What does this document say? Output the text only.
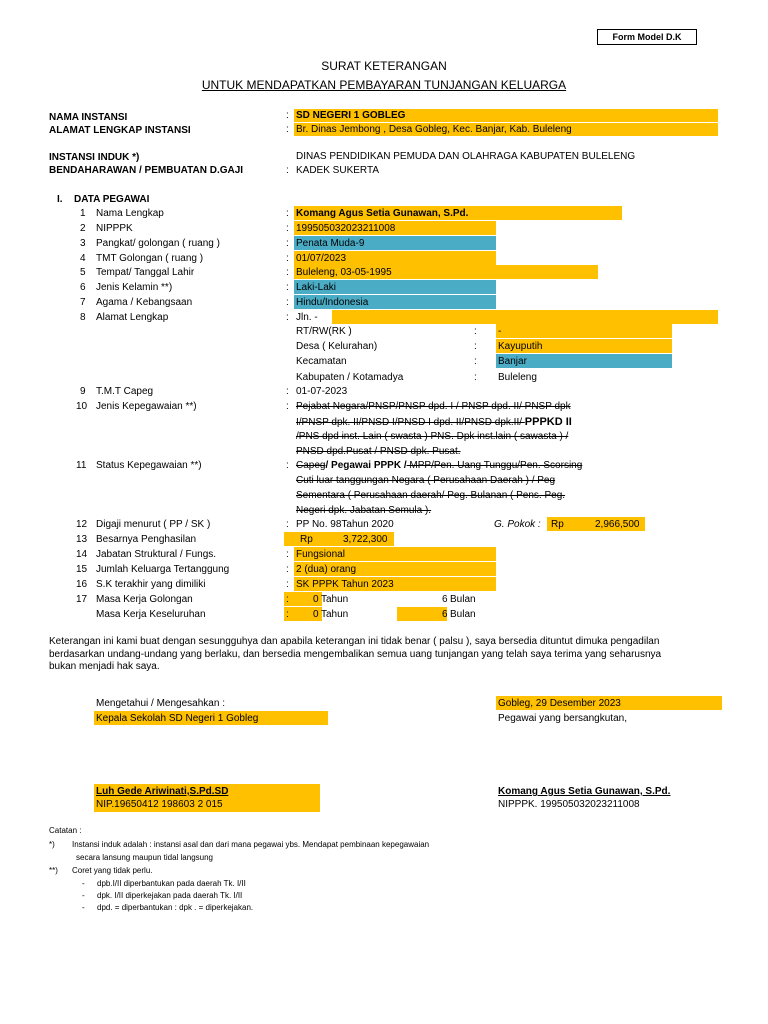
Form Model D.K
SURAT KETERANGAN
UNTUK MENDAPATKAN PEMBAYARAN TUNJANGAN KELUARGA
NAMA INSTANSI	: SD NEGERI 1 GOBLEG
ALAMAT LENGKAP INSTANSI	: Br. Dinas Jembong , Desa Gobleg, Kec. Banjar, Kab. Buleleng
INSTANSI INDUK *)	DINAS PENDIDIKAN PEMUDA DAN OLAHRAGA KABUPATEN BULELENG
BENDAHARAWAN / PEMBUATAN D.GAJI	: KADEK SUKERTA
I. DATA PEGAWAI
1 Nama Lengkap	: Komang Agus Setia Gunawan, S.Pd.
2 NIPPPK	: 199505032023211008
3 Pangkat/ golongan ( ruang )	: Penata Muda-9
4 TMT Golongan ( ruang )	: 01/07/2023
5 Tempat/ Tanggal Lahir	: Buleleng, 03-05-1995
6 Jenis Kelamin **)	: Laki-Laki
7 Agama / Kebangsaan	: Hindu/Indonesia
8 Alamat Lengkap	: Jln. -
RT/RW(RK )	: -
Desa ( Kelurahan)	: Kayuputih
Kecamatan	: Banjar
Kabupaten / Kotamadya	: Buleleng
9 T.M.T Capeg	: 01-07-2023
10 Jenis Kepegawaian **)	: Pejabat Negara/PNSP/PNSP dpd. I / PNSP dpd. II/ PNSP dpk
I/PNSP dpk. II/PNSD I/PNSD I dpd. II/PNSD dpk.II/ PPPKD II
/PNS dpd inst. Lain ( swasta ) PNS. Dpk inst.lain ( sawasta ) /
PNSD dpd.Pusat / PNSD dpk. Pusat.
11 Status Kepegawaian **)	: Capeg/ Pegawai PPPK / MPP/Pen. Uang Tunggu/Pen. Scorsing
Cuti luar tanggungan Negara ( Perusahaan Daerah ) / Peg
Sementara ( Perusahaan daerah/ Peg. Bulanan ( Pens. Peg.
Negeri dpk. Jabatan Semula ).
12 Digaji menurut ( PP / SK )	: PP No. 98Tahun 2020	G. Pokok : Rp	2,966,500
13 Besarnya Penghasilan	Rp	3,722,300
14 Jabatan Struktural / Fungs.	: Fungsional
15 Jumlah Keluarga Tertanggung	: 2 (dua) orang
16 S.K terakhir yang dimiliki	: SK PPPK Tahun 2023
17 Masa Kerja Golongan	: 0 Tahun	6 Bulan
Masa Kerja Keseluruhan	: 0 Tahun	6 Bulan
Keterangan ini kami buat dengan sesungguhya dan apabila keterangan ini tidak benar ( palsu ), saya bersedia dituntut dimuka pengadilan
berdasarkan undang-undang yang berlaku, dan bersedia mengembalikan semua uang tunjangan yang telah saya terima yang seharusnya
bukan menjadi hak saya.
Mengetahui / Mengesahkan :
Kepala Sekolah SD Negeri 1 Gobleg
Gobleg, 29 Desember 2023
Pegawai yang bersangkutan,
Luh Gede Ariwinati,S.Pd.SD
NIP.19650412 198603 2 015
Komang Agus Setia Gunawan, S.Pd.
NIPPPK. 199505032023211008
Catatan :
*) Instansi induk adalah : instansi asal dan dari mana pegawai ybs. Mendapat pembinaan kepegawaian
secara lansung maupun tidal langsung
**) Coret yang tidak perlu.
- dpb.I/II diperbantukan pada daerah Tk. I/II
- dpk. I/II diperkejakan pada daerah Tk. I/II
- dpd. = diperbantukan : dpk . = diperkejakan.
